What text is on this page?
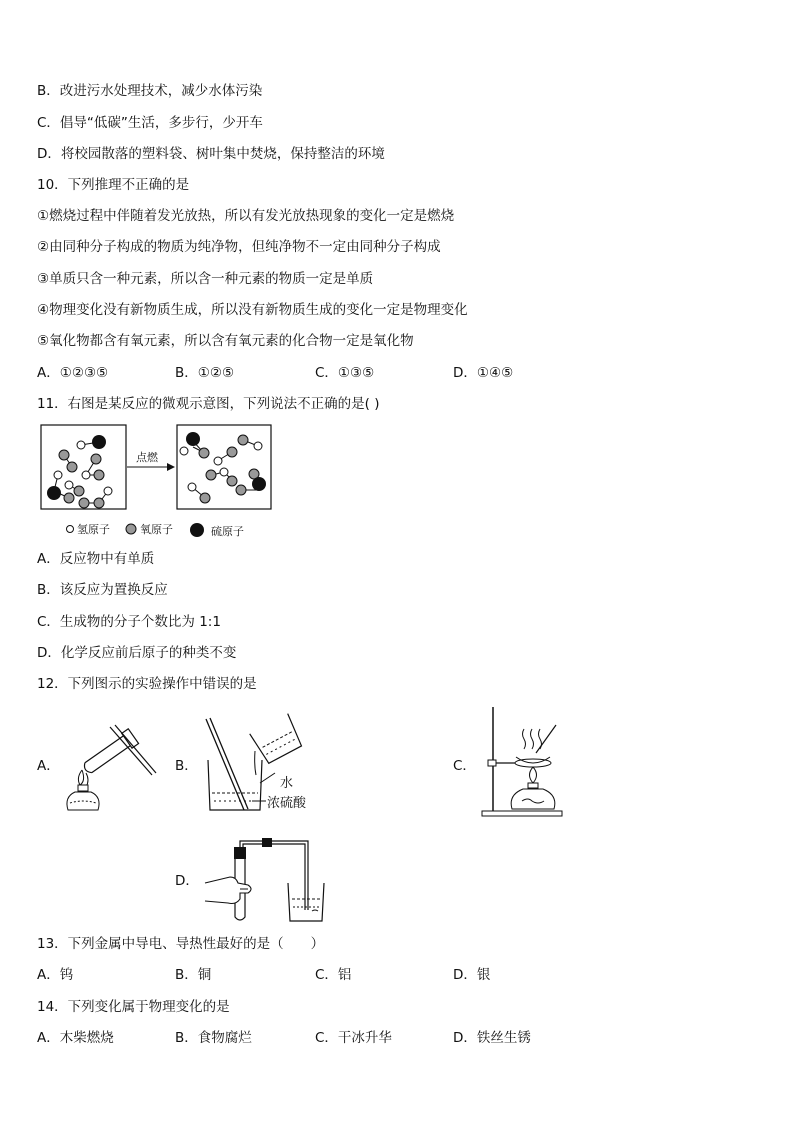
B．改进污水处理技术，减少水体污染
C．倡导“低碳”生活，多步行，少开车
D．将校园散落的塑料袋、树叶集中焚烧，保持整洁的环境
10．下列推理不正确的是
①燃烧过程中伴随着发光放热，所以有发光放热现象的变化一定是燃烧
②由同种分子构成的物质为纯净物，但纯净物不一定由同种分子构成
③单质只含一种元素，所以含一种元素的物质一定是单质
④物理变化没有新物质生成，所以没有新物质生成的变化一定是物理变化
⑤氧化物都含有氧元素，所以含有氧元素的化合物一定是氧化物
A．①②③⑤	B．①②⑤	C．①③⑤	D．①④⑤
11．右图是某反应的微观示意图，下列说法不正确的是( )
点燃
氢原子	氧原子	硫原子
A．反应物中有单质
B．该反应为置换反应
C．生成物的分子个数比为 1:1
D．化学反应前后原子的种类不变
12．下列图示的实验操作中错误的是
A．	B．
水
浓硫酸
C．
D．
13．下列金属中导电、导热性最好的是（　　）
A．钨	B．铜	C．铝	D．银
14．下列变化属于物理变化的是
A．木柴燃烧	B．食物腐烂	C．干冰升华	D．铁丝生锈
